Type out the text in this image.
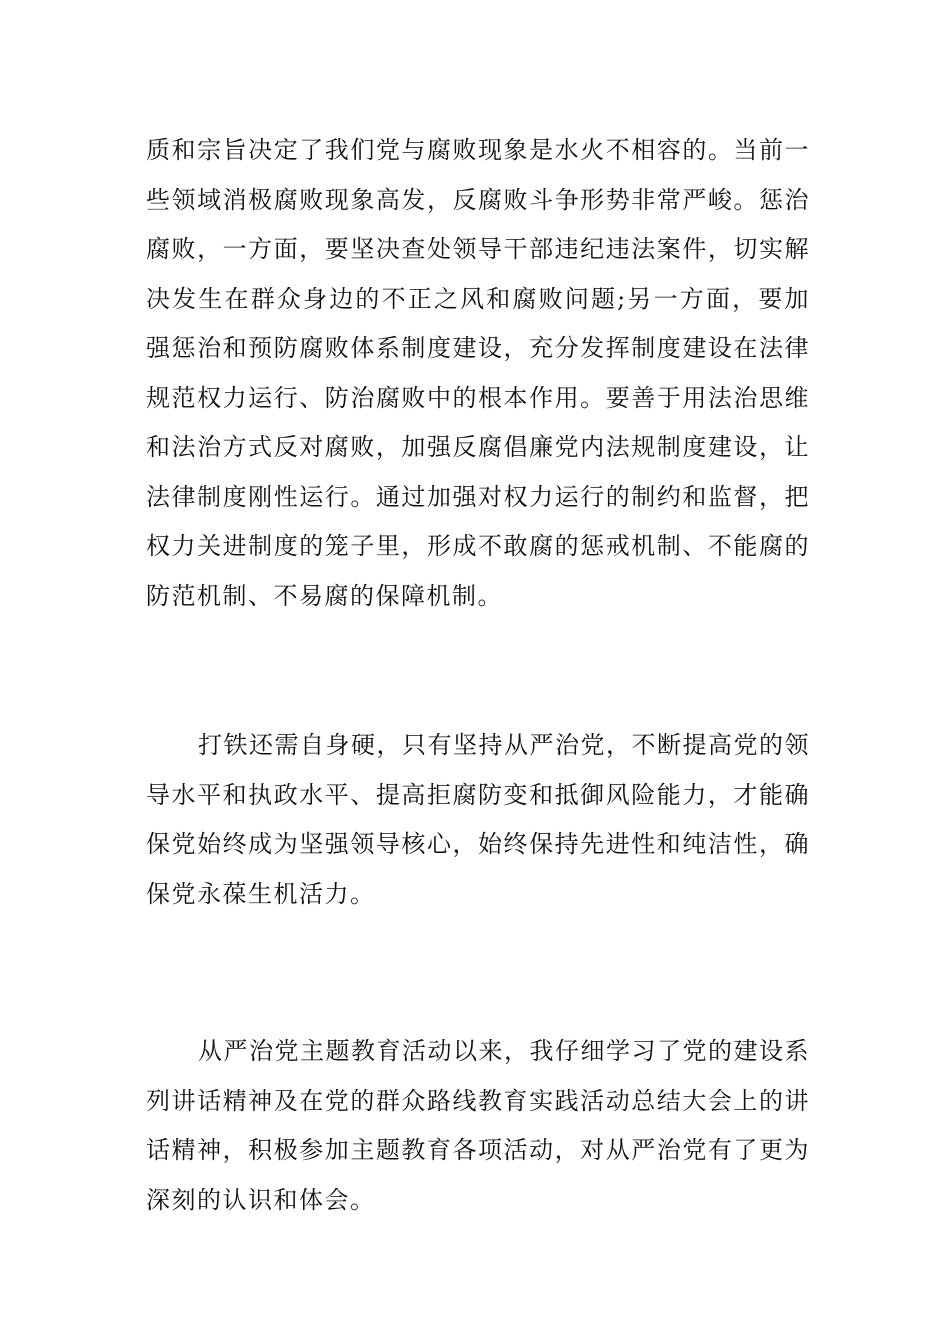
质和宗旨决定了我们党与腐败现象是水火不相容的。当前一些领域消极腐败现象高发，反腐败斗争形势非常严峻。惩治腐败，一方面，要坚决查处领导干部违纪违法案件，切实解决发生在群众身边的不正之风和腐败问题;另一方面，要加强惩治和预防腐败体系制度建设，充分发挥制度建设在法律规范权力运行、防治腐败中的根本作用。要善于用法治思维和法治方式反对腐败，加强反腐倡廉党内法规制度建设，让法律制度刚性运行。通过加强对权力运行的制约和监督，把权力关进制度的笼子里，形成不敢腐的惩戒机制、不能腐的防范机制、不易腐的保障机制。

打铁还需自身硬，只有坚持从严治党，不断提高党的领导水平和执政水平、提高拒腐防变和抵御风险能力，才能确保党始终成为坚强领导核心，始终保持先进性和纯洁性，确保党永葆生机活力。

从严治党主题教育活动以来，我仔细学习了党的建设系列讲话精神及在党的群众路线教育实践活动总结大会上的讲话精神，积极参加主题教育各项活动，对从严治党有了更为深刻的认识和体会。
